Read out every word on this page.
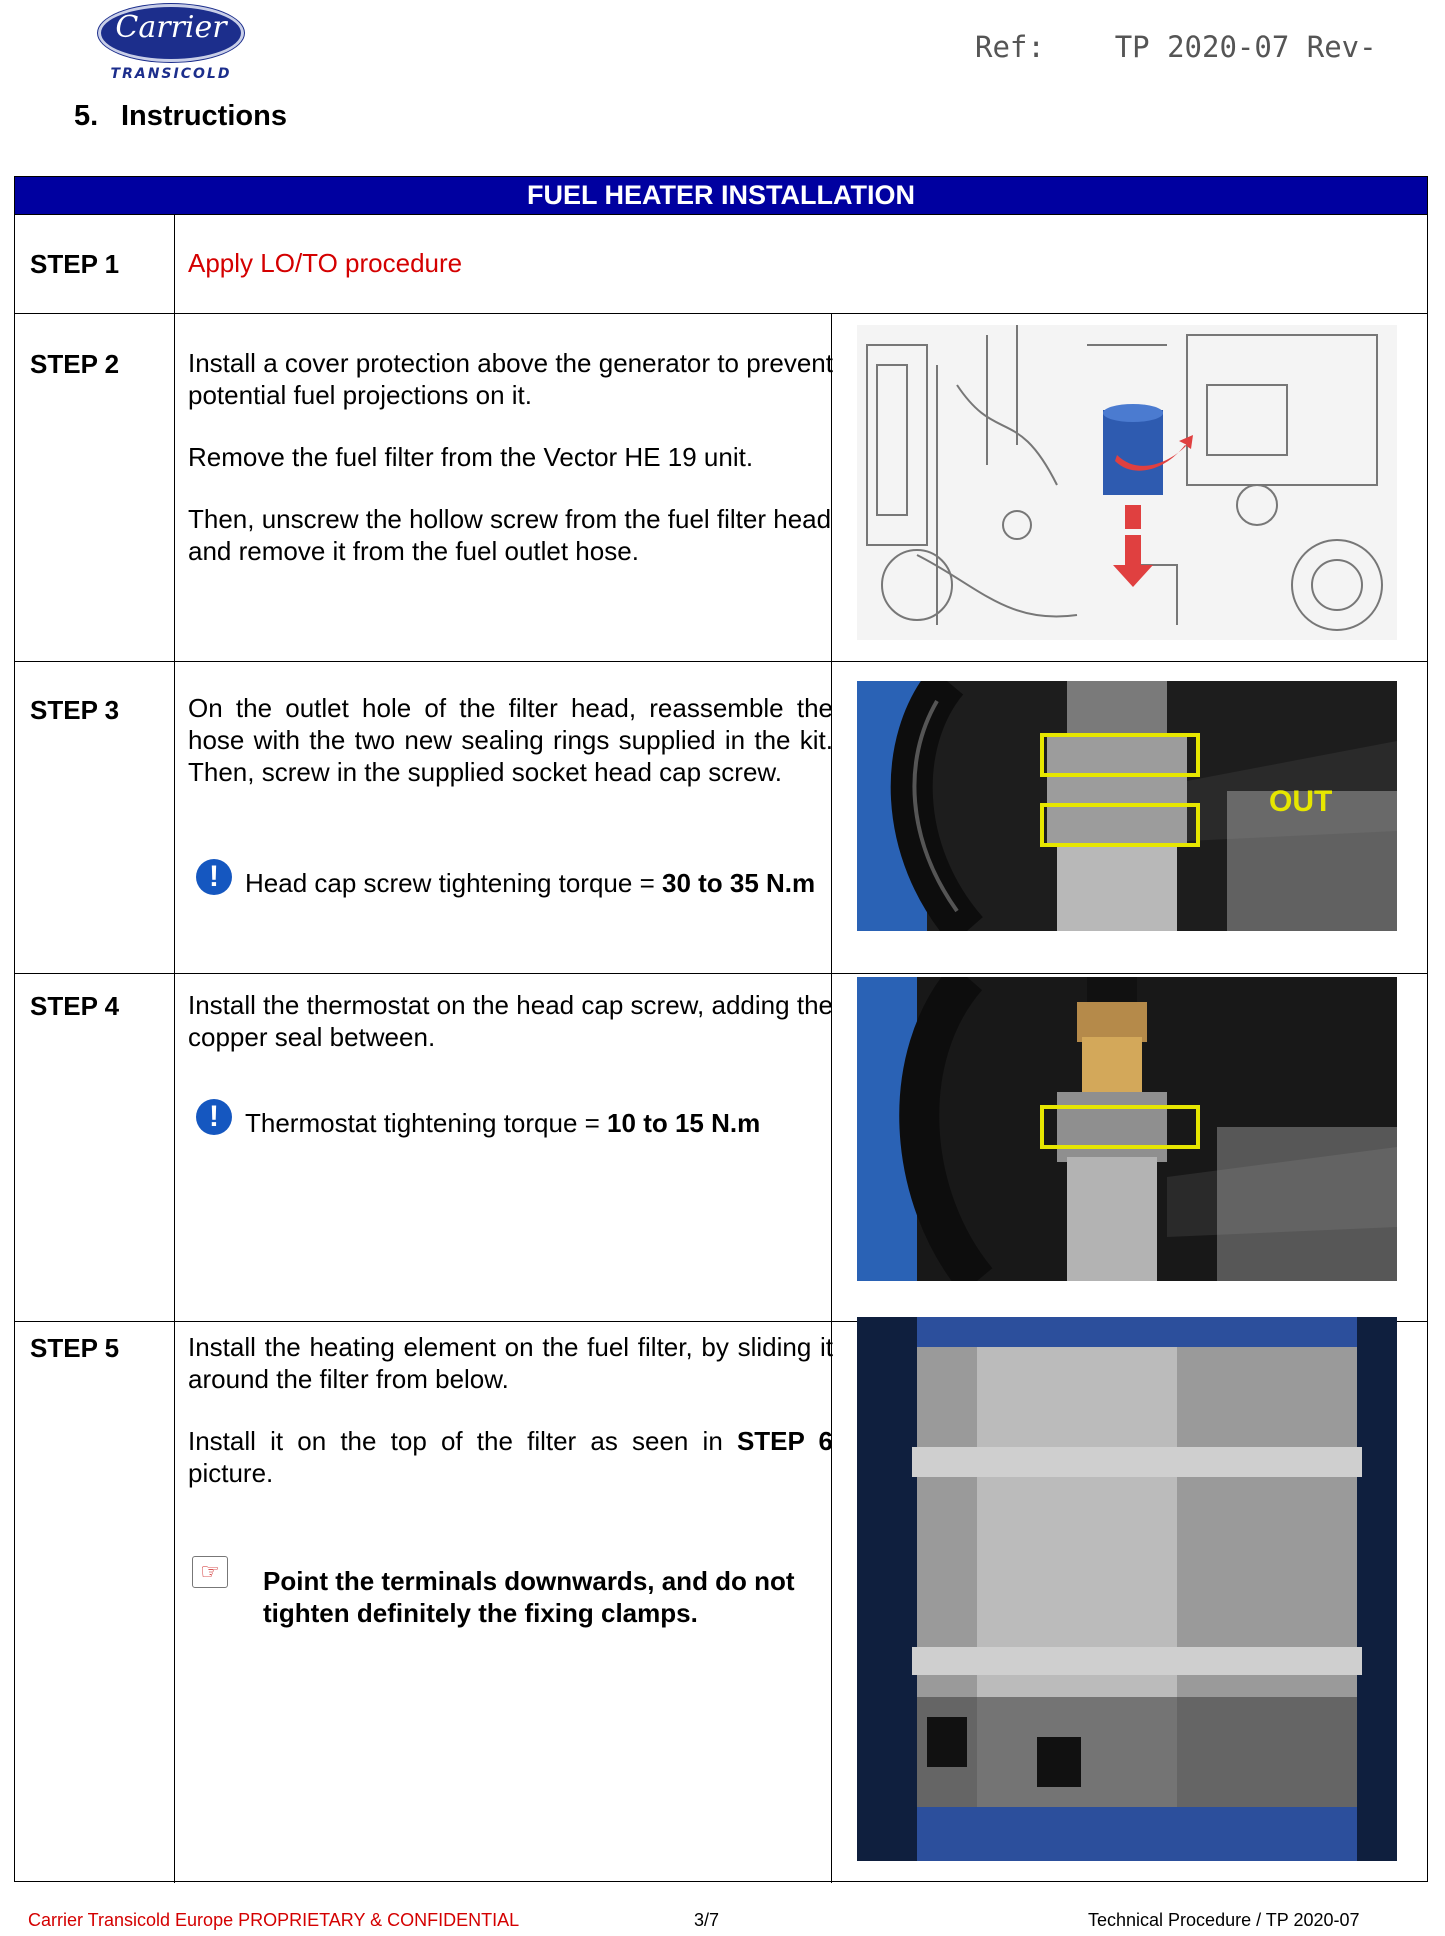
Carrier
TRANSICOLD
Ref: TP 2020-07 Rev-
5. Instructions
FUEL HEATER INSTALLATION
STEP 1	Apply LO/TO procedure
STEP 2	Install a cover protection above the generator to prevent potential fuel projections on it.

Remove the fuel filter from the Vector HE 19 unit.

Then, unscrew the hollow screw from the fuel filter head and remove it from the fuel outlet hose.

STEP 3	On the outlet hole of the filter head, reassemble the hose with the two new sealing rings supplied in the kit. Then, screw in the supplied socket head cap screw.

!	Head cap screw tightening torque = 30 to 35 N.m
OUT
STEP 4	Install the thermostat on the head cap screw, adding the copper seal between.

!	Thermostat tightening torque = 10 to 15 N.m
STEP 5	Install the heating element on the fuel filter, by sliding it around the filter from below.

Install it on the top of the filter as seen in STEP 6 picture.

☞	Point the terminals downwards, and do not tighten definitely the fixing clamps.
Carrier Transicold Europe PROPRIETARY & CONFIDENTIAL	3/7	Technical Procedure / TP 2020-07
